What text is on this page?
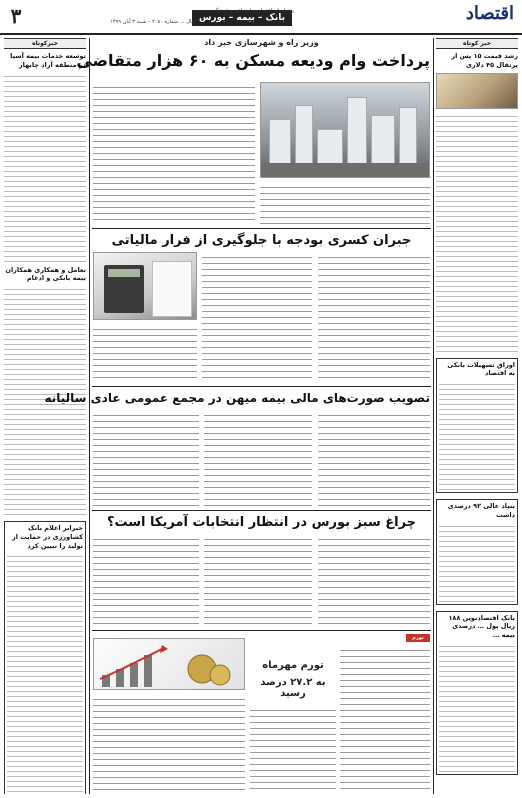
۳	بانک – بیمه – بورس
روزنامه‌ای اقتصادی، اجتماعی و فرهنگی
سال … شماره ۲۰۸۰ – شنبه ۳ آبان ۱۳۹۹	اقتصاد
خبر کوتاه
رشد قیمت ۱۵ پس از پرتقال ۴۵ دلاری
اوراق تسهیلات بانکی به اقتصاد
بنیاد عالی ۹۲ درصدی داشت
بانک اقتصادنوین ۱۸۸ ریال پول … درصدی بیمه …
خبرکوتاه
توسعه خدمات بیمه آسیا در منطقه آزاد چابهار
تعامل و همکاری همکاران بیمه بانکی و ادغام
خبرابر اعلام بانک کشاورزی در حمایت از تولید را تبیین کرد
وزیر راه و شهرسازی خبر داد
پرداخت وام ودیعه مسکن به ۶۰ هزار متقاضی
جبران کسری بودجه با جلوگیری از فرار مالیاتی
تصویب صورت‌های مالی بیمه میهن در مجمع عمومی عادی سالیانه
چراغ سبز بورس در انتظار انتخابات آمریکا است؟
تورم
تورم مهرماه
به ۲۷.۲ درصد رسید
